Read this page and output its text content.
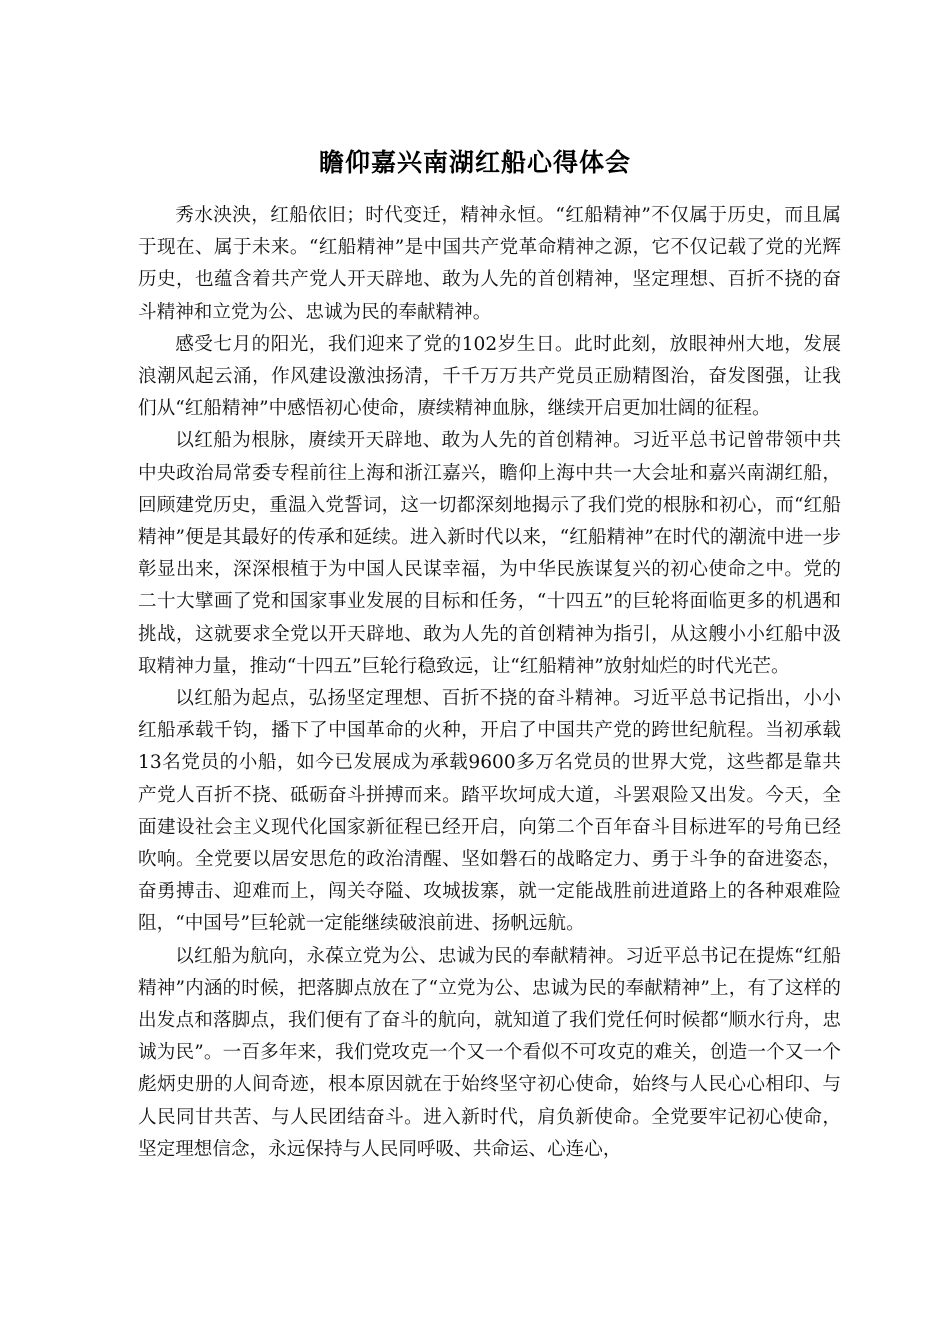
瞻仰嘉兴南湖红船心得体会

秀水泱泱，红船依旧；时代变迁，精神永恒。“红船精神”不仅属于历史，而且属于现在、属于未来。“红船精神”是中国共产党革命精神之源，它不仅记载了党的光辉历史，也蕴含着共产党人开天辟地、敢为人先的首创精神，坚定理想、百折不挠的奋斗精神和立党为公、忠诚为民的奉献精神。

感受七月的阳光，我们迎来了党的102岁生日。此时此刻，放眼神州大地，发展浪潮风起云涌，作风建设激浊扬清，千千万万共产党员正励精图治，奋发图强，让我们从“红船精神”中感悟初心使命，赓续精神血脉，继续开启更加壮阔的征程。

以红船为根脉，赓续开天辟地、敢为人先的首创精神。习近平总书记曾带领中共中央政治局常委专程前往上海和浙江嘉兴，瞻仰上海中共一大会址和嘉兴南湖红船，回顾建党历史，重温入党誓词，这一切都深刻地揭示了我们党的根脉和初心，而“红船精神”便是其最好的传承和延续。进入新时代以来，“红船精神”在时代的潮流中进一步彰显出来，深深根植于为中国人民谋幸福，为中华民族谋复兴的初心使命之中。党的二十大擘画了党和国家事业发展的目标和任务，“十四五”的巨轮将面临更多的机遇和挑战，这就要求全党以开天辟地、敢为人先的首创精神为指引，从这艘小小红船中汲取精神力量，推动“十四五”巨轮行稳致远，让“红船精神”放射灿烂的时代光芒。

以红船为起点，弘扬坚定理想、百折不挠的奋斗精神。习近平总书记指出，小小红船承载千钧，播下了中国革命的火种，开启了中国共产党的跨世纪航程。当初承载13名党员的小船，如今已发展成为承载9600多万名党员的世界大党，这些都是靠共产党人百折不挠、砥砺奋斗拼搏而来。踏平坎坷成大道，斗罢艰险又出发。今天，全面建设社会主义现代化国家新征程已经开启，向第二个百年奋斗目标进军的号角已经吹响。全党要以居安思危的政治清醒、坚如磐石的战略定力、勇于斗争的奋进姿态，奋勇搏击、迎难而上，闯关夺隘、攻城拔寨，就一定能战胜前进道路上的各种艰难险阻，“中国号”巨轮就一定能继续破浪前进、扬帆远航。

以红船为航向，永葆立党为公、忠诚为民的奉献精神。习近平总书记在提炼“红船精神”内涵的时候，把落脚点放在了“立党为公、忠诚为民的奉献精神”上，有了这样的出发点和落脚点，我们便有了奋斗的航向，就知道了我们党任何时候都“顺水行舟，忠诚为民”。一百多年来，我们党攻克一个又一个看似不可攻克的难关，创造一个又一个彪炳史册的人间奇迹，根本原因就在于始终坚守初心使命，始终与人民心心相印、与人民同甘共苦、与人民团结奋斗。进入新时代，肩负新使命。全党要牢记初心使命，坚定理想信念，永远保持与人民同呼吸、共命运、心连心，
